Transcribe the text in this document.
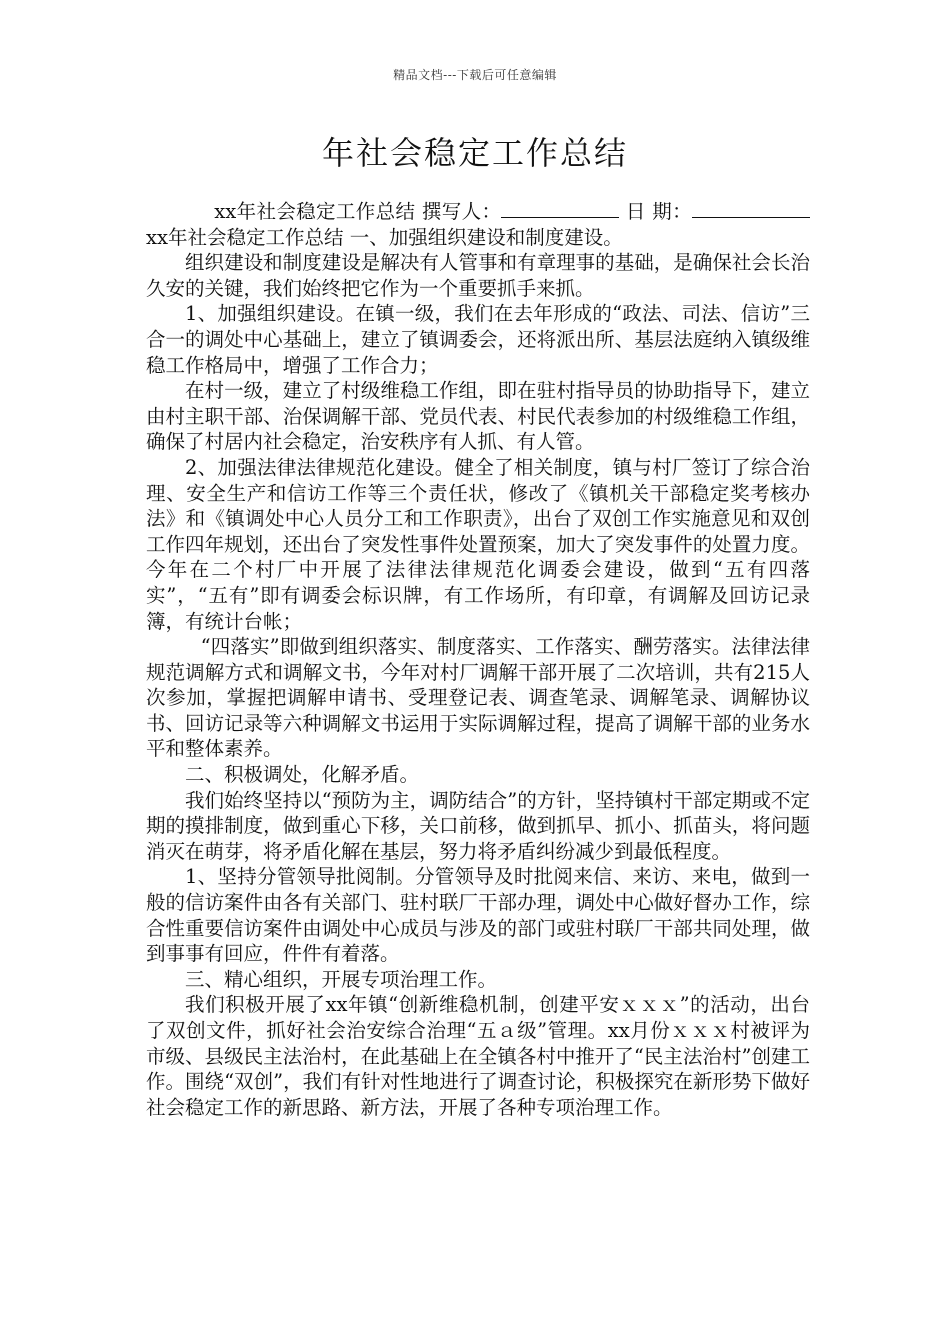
精品文档---下载后可任意编辑
年社会稳定工作总结

xx年社会稳定工作总结 撰写人：	日 期： xx年社会稳定工作总结 一、加强组织建设和制度建设。

组织建设和制度建设是解决有人管事和有章理事的基础，是确保社会长治久安的关键，我们始终把它作为一个重要抓手来抓。

1、加强组织建设。在镇一级，我们在去年形成的“政法、司法、信访”三合一的调处中心基础上，建立了镇调委会，还将派出所、基层法庭纳入镇级维稳工作格局中，增强了工作合力；

在村一级，建立了村级维稳工作组，即在驻村指导员的协助指导下，建立由村主职干部、治保调解干部、党员代表、村民代表参加的村级维稳工作组，确保了村居内社会稳定，治安秩序有人抓、有人管。

2、加强法律法律规范化建设。健全了相关制度，镇与村厂签订了综合治理、安全生产和信访工作等三个责任状，修改了《镇机关干部稳定奖考核办法》和《镇调处中心人员分工和工作职责》，出台了双创工作实施意见和双创工作四年规划，还出台了突发性事件处置预案，加大了突发事件的处置力度。今年在二个村厂中开展了法律法律规范化调委会建设，做到“五有四落实”，“五有”即有调委会标识牌，有工作场所，有印章，有调解及回访记录簿，有统计台帐；

“四落实”即做到组织落实、制度落实、工作落实、酬劳落实。法律法律规范调解方式和调解文书，今年对村厂调解干部开展了二次培训，共有215人次参加，掌握把调解申请书、受理登记表、调查笔录、调解笔录、调解协议书、回访记录等六种调解文书运用于实际调解过程，提高了调解干部的业务水平和整体素养。

二、积极调处，化解矛盾。

我们始终坚持以“预防为主，调防结合”的方针，坚持镇村干部定期或不定期的摸排制度，做到重心下移，关口前移，做到抓早、抓小、抓苗头，将问题消灭在萌芽，将矛盾化解在基层，努力将矛盾纠纷减少到最低程度。

1、坚持分管领导批阅制。分管领导及时批阅来信、来访、来电，做到一般的信访案件由各有关部门、驻村联厂干部办理，调处中心做好督办工作，综合性重要信访案件由调处中心成员与涉及的部门或驻村联厂干部共同处理，做到事事有回应，件件有着落。

三、精心组织，开展专项治理工作。

我们积极开展了xx年镇“创新维稳机制，创建平安ｘｘｘ”的活动，出台了双创文件，抓好社会治安综合治理“五ａ级”管理。xx月份ｘｘｘ村被评为市级、县级民主法治村，在此基础上在全镇各村中推开了“民主法治村”创建工作。围绕“双创”，我们有针对性地进行了调查讨论，积极探究在新形势下做好社会稳定工作的新思路、新方法，开展了各种专项治理工作。
